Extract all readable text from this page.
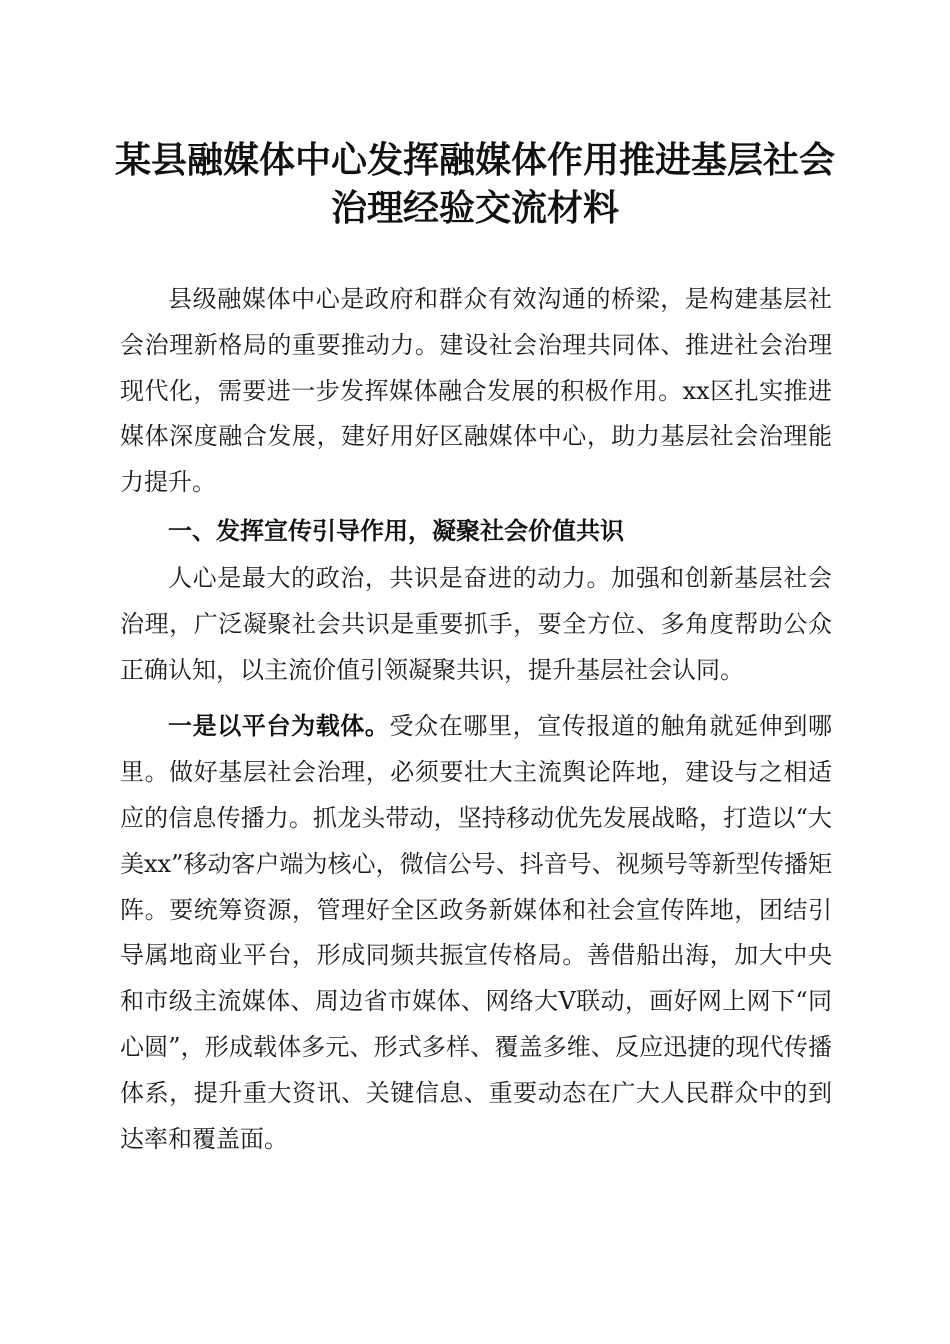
某县融媒体中心发挥融媒体作用推进基层社会
治理经验交流材料

县级融媒体中心是政府和群众有效沟通的桥梁，是构建基层社会治理新格局的重要推动力。建设社会治理共同体、推进社会治理现代化，需要进一步发挥媒体融合发展的积极作用。xx区扎实推进媒体深度融合发展，建好用好区融媒体中心，助力基层社会治理能力提升。

一、发挥宣传引导作用，凝聚社会价值共识

人心是最大的政治，共识是奋进的动力。加强和创新基层社会治理，广泛凝聚社会共识是重要抓手，要全方位、多角度帮助公众正确认知，以主流价值引领凝聚共识，提升基层社会认同。

一是以平台为载体。受众在哪里，宣传报道的触角就延伸到哪里。做好基层社会治理，必须要壮大主流舆论阵地，建设与之相适应的信息传播力。抓龙头带动，坚持移动优先发展战略，打造以“大美xx”移动客户端为核心，微信公号、抖音号、视频号等新型传播矩阵。要统筹资源，管理好全区政务新媒体和社会宣传阵地，团结引导属地商业平台，形成同频共振宣传格局。善借船出海，加大中央和市级主流媒体、周边省市媒体、网络大V联动，画好网上网下“同心圆”，形成载体多元、形式多样、覆盖多维、反应迅捷的现代传播体系，提升重大资讯、关键信息、重要动态在广大人民群众中的到达率和覆盖面。
